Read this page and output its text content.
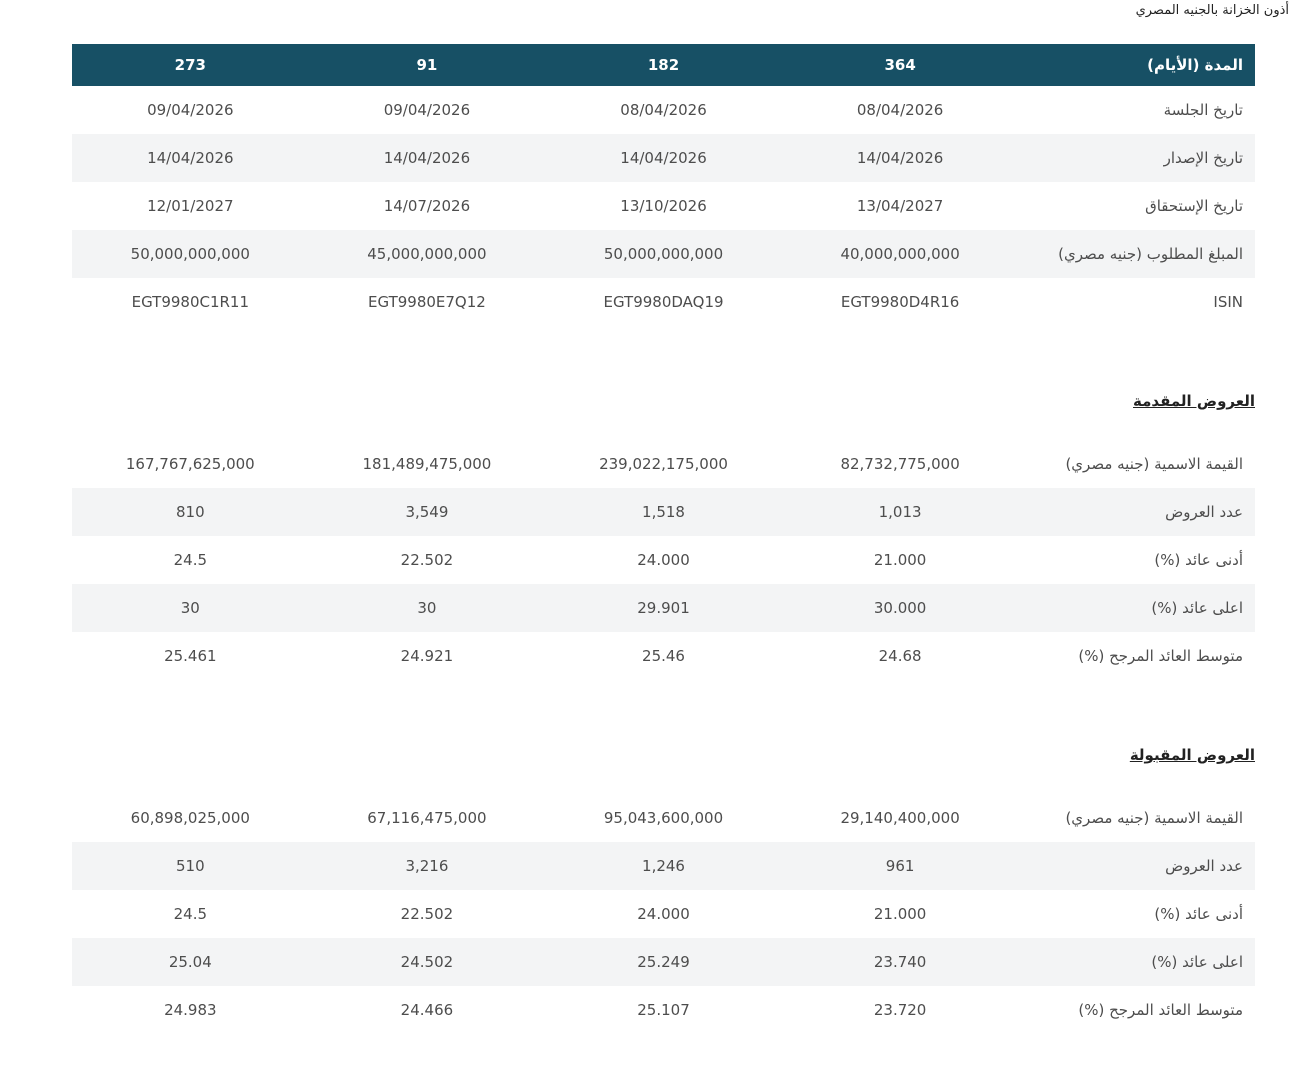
أذون الخزانة بالجنيه المصري
المدة (الأيام)	364	182	91	273
تاريخ الجلسة	08/04/2026	08/04/2026	09/04/2026	09/04/2026
تاريخ الإصدار	14/04/2026	14/04/2026	14/04/2026	14/04/2026
تاريخ الإستحقاق	13/04/2027	13/10/2026	14/07/2026	12/01/2027
المبلغ المطلوب (جنيه مصري)	40,000,000,000	50,000,000,000	45,000,000,000	50,000,000,000
ISIN	EGT9980D4R16	EGT9980DAQ19	EGT9980E7Q12	EGT9980C1R11
العروض المقدمة
القيمة الاسمية (جنيه مصري)	82,732,775,000	239,022,175,000	181,489,475,000	167,767,625,000
عدد العروض	1,013	1,518	3,549	810
أدنى عائد (%)	21.000	24.000	22.502	24.5
اعلى عائد (%)	30.000	29.901	30	30
متوسط العائد المرجح (%)	24.68	25.46	24.921	25.461
العروض المقبولة
القيمة الاسمية (جنيه مصري)	29,140,400,000	95,043,600,000	67,116,475,000	60,898,025,000
عدد العروض	961	1,246	3,216	510
أدنى عائد (%)	21.000	24.000	22.502	24.5
اعلى عائد (%)	23.740	25.249	24.502	25.04
متوسط العائد المرجح (%)	23.720	25.107	24.466	24.983
